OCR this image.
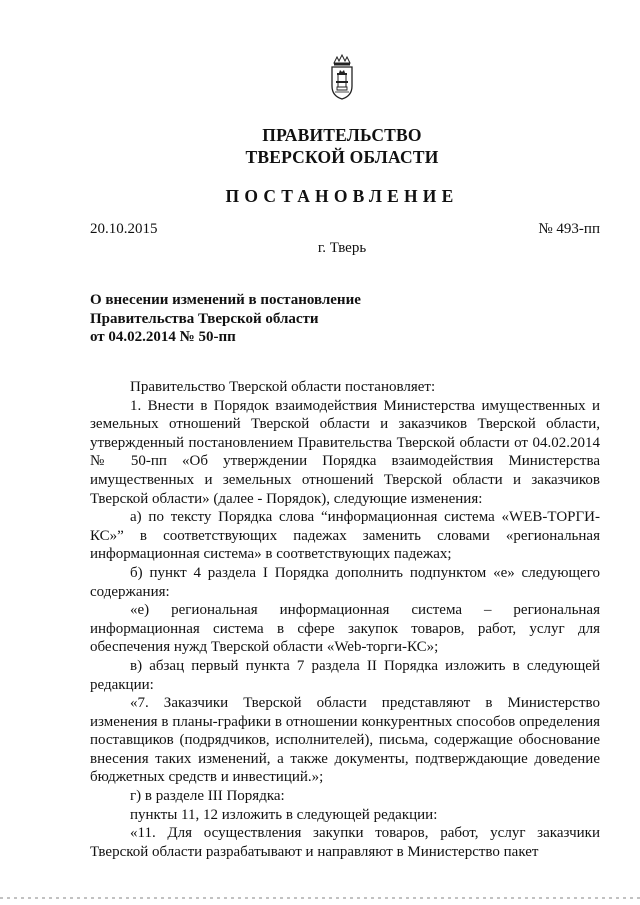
ПРАВИТЕЛЬСТВО
ТВЕРСКОЙ ОБЛАСТИ
ПОСТАНОВЛЕНИЕ
20.10.2015	№ 493-пп
г. Тверь
О внесении изменений в постановление
Правительства Тверской области
от 04.02.2014 № 50-пп

Правительство Тверской области постановляет:

1. Внести в Порядок взаимодействия Министерства имущественных и земельных отношений Тверской области и заказчиков Тверской области, утвержденный постановлением Правительства Тверской области от 04.02.2014 № 50-пп «Об утверждении Порядка взаимодействия Министерства имущественных и земельных отношений Тверской области и заказчиков Тверской области» (далее - Порядок), следующие изменения:

а) по тексту Порядка слова “информационная система «WEB-ТОРГИ-КС»” в соответствующих падежах заменить словами «региональная информационная система» в соответствующих падежах;

б) пункт 4 раздела I Порядка дополнить подпунктом «е» следующего содержания:

«е) региональная информационная система – региональная информационная система в сфере закупок товаров, работ, услуг для обеспечения нужд Тверской области «Web-торги-КС»;

в) абзац первый пункта 7 раздела II Порядка изложить в следующей редакции:

«7. Заказчики Тверской области представляют в Министерство изменения в планы-графики в отношении конкурентных способов определения поставщиков (подрядчиков, исполнителей), письма, содержащие обоснование внесения таких изменений, а также документы, подтверждающие доведение бюджетных средств и инвестиций.»;

г) в разделе III Порядка:

пункты 11, 12 изложить в следующей редакции:

«11. Для осуществления закупки товаров, работ, услуг заказчики Тверской области разрабатывают и направляют в Министерство пакет
